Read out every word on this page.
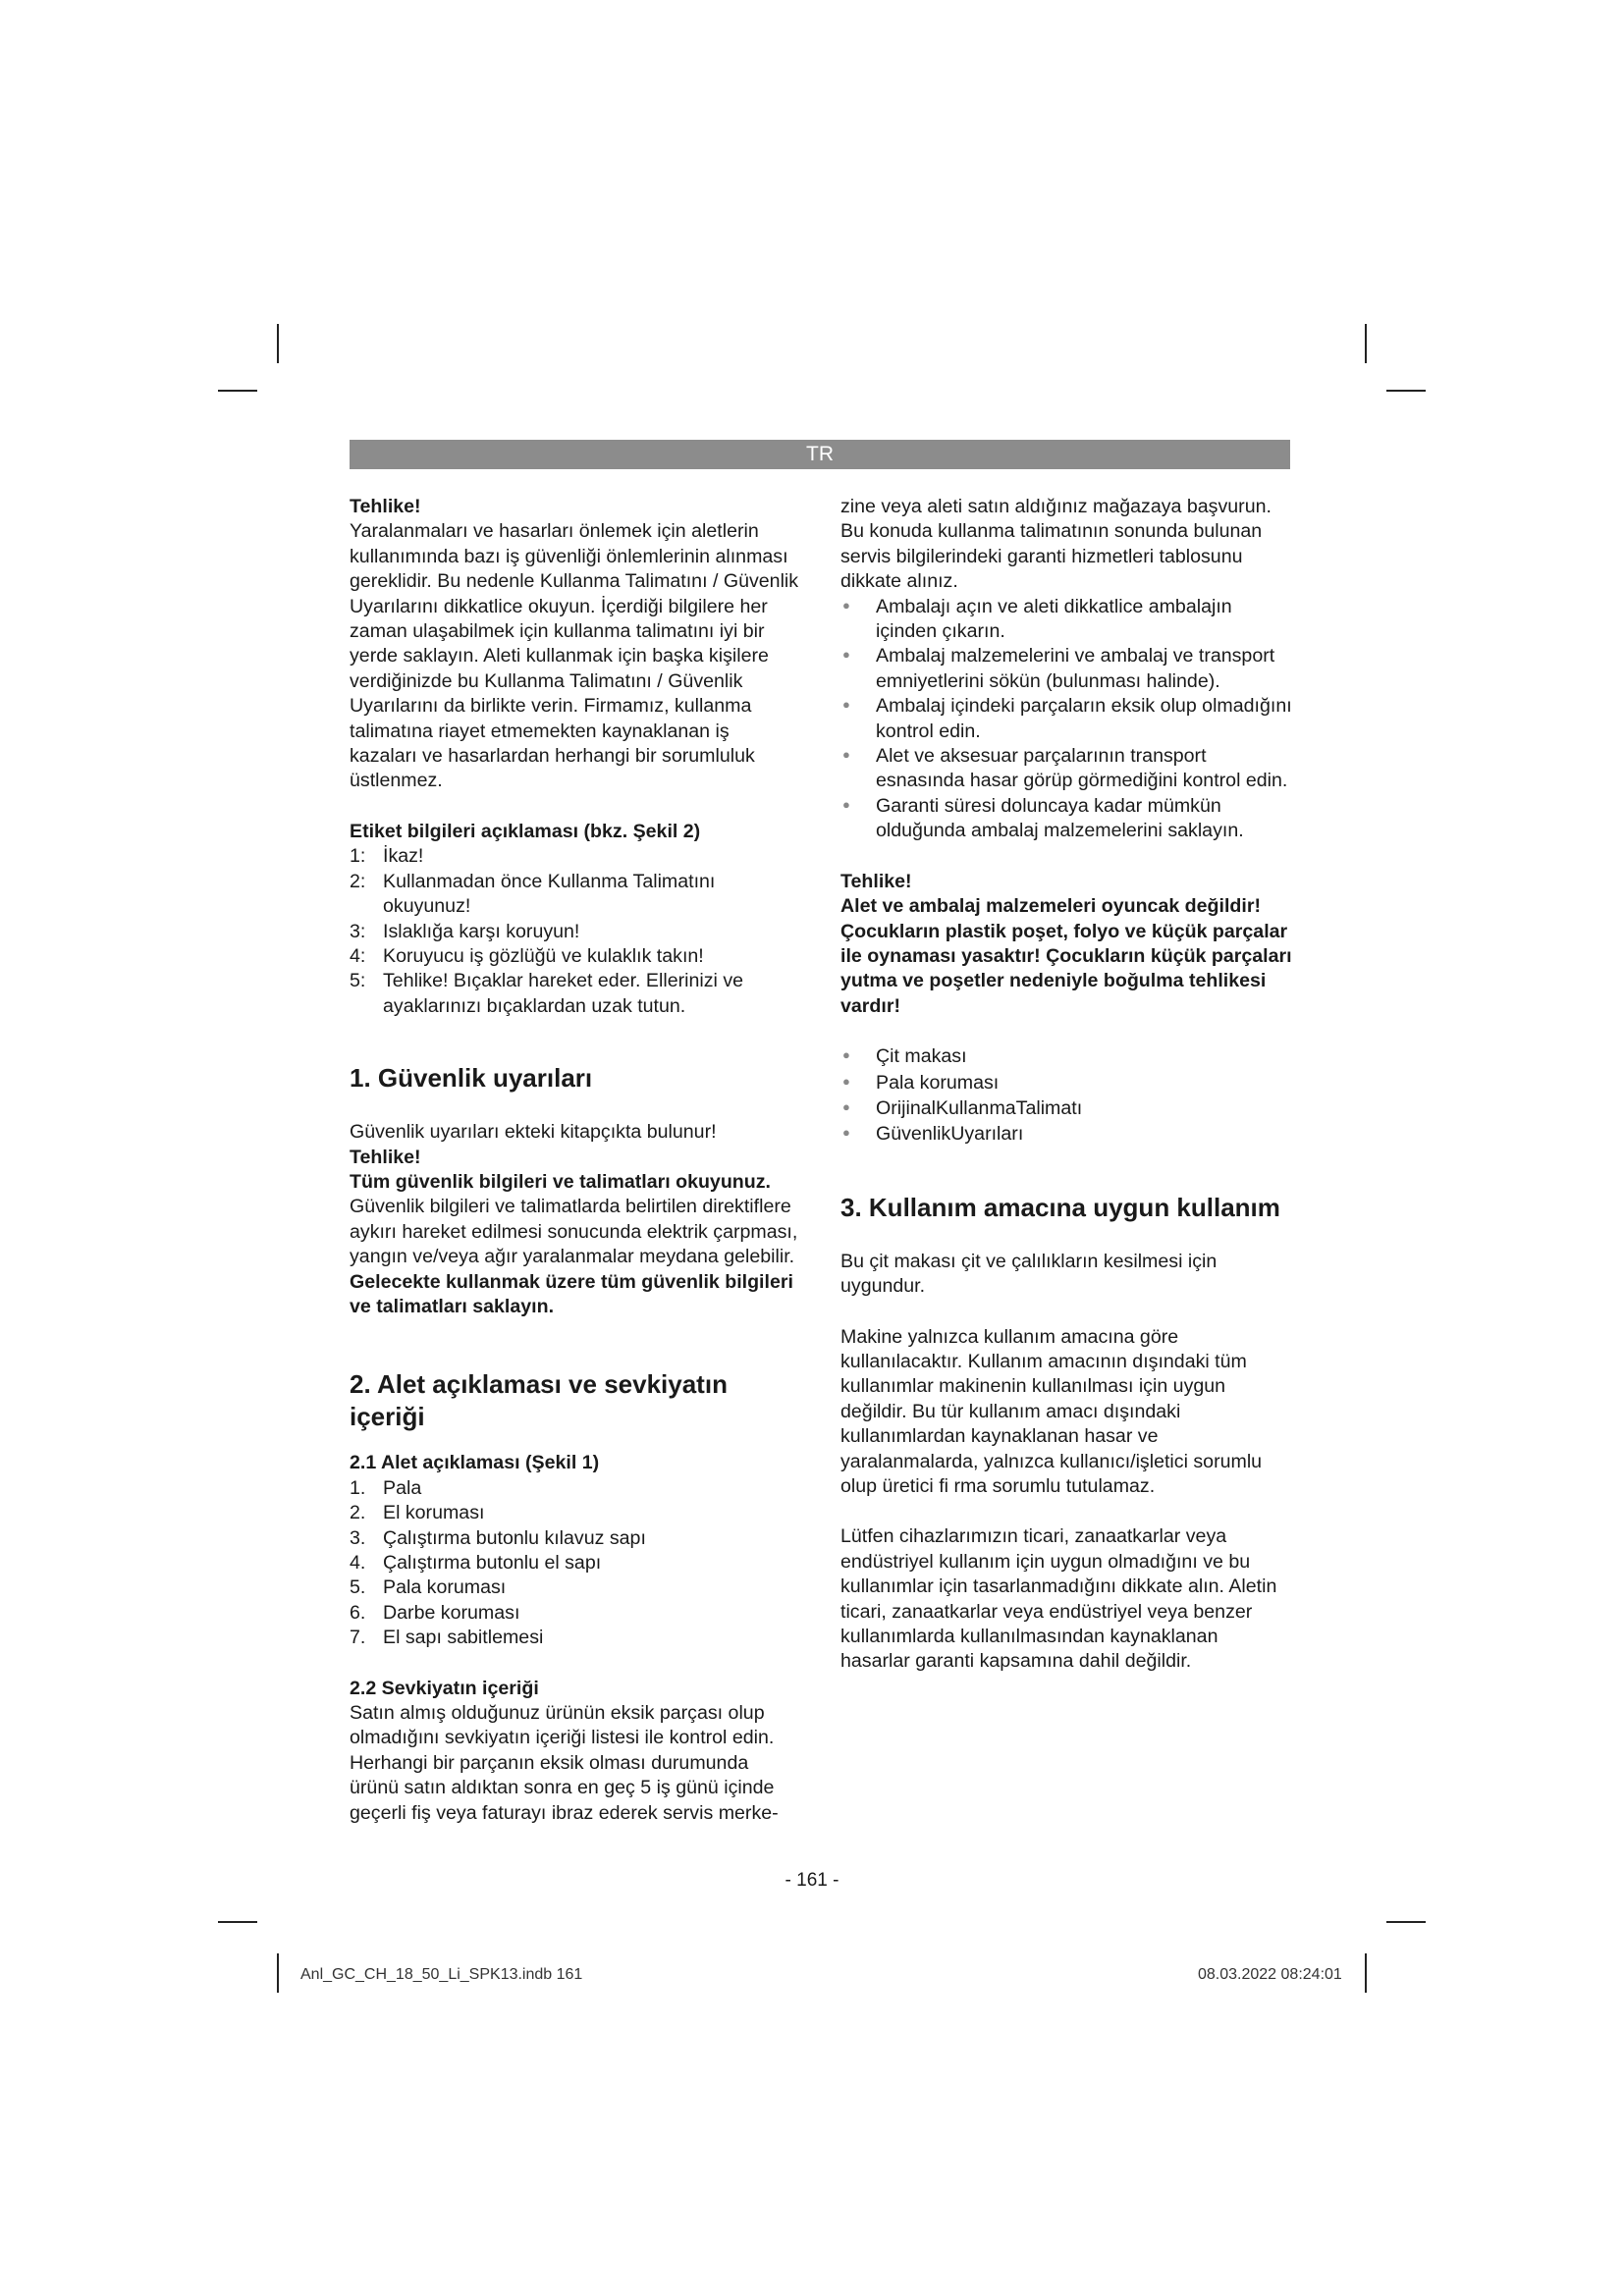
TR

Tehlike!

Yaralanmaları ve hasarları önlemek için aletlerin kullanımında bazı iş güvenliği önlemlerinin alınması gereklidir. Bu nedenle Kullanma Talimatını / Güvenlik Uyarılarını dikkatlice okuyun. İçerdiği bilgilere her zaman ulaşabilmek için kullanma talimatını iyi bir yerde saklayın. Aleti kullanmak için başka kişilere verdiğinizde bu Kullanma Talimatını / Güvenlik Uyarılarını da birlikte verin. Firmamız, kullanma talimatına riayet etmemekten kaynaklanan iş kazaları ve hasarlardan herhangi bir sorumluluk üstlenmez.

Etiket bilgileri açıklaması (bkz. Şekil 2)

1: İkaz!
2: Kullanmadan önce Kullanma Talimatını okuyunuz!
3: Islaklığa karşı koruyun!
4: Koruyucu iş gözlüğü ve kulaklık takın!
5: Tehlike! Bıçaklar hareket eder. Ellerinizi ve ayaklarınızı bıçaklardan uzak tutun.

1. Güvenlik uyarıları

Güvenlik uyarıları ekteki kitapçıkta bulunur!

Tehlike!

Tüm güvenlik bilgileri ve talimatları okuyunuz. Güvenlik bilgileri ve talimatlarda belirtilen direktiflere aykırı hareket edilmesi sonucunda elektrik çarpması, yangın ve/veya ağır yaralanmalar meydana gelebilir. Gelecekte kullanmak üzere tüm güvenlik bilgileri ve talimatları saklayın.

2. Alet açıklaması ve sevkiyatın içeriği

2.1 Alet açıklaması (Şekil 1)

1. Pala
2. El koruması
3. Çalıştırma butonlu kılavuz sapı
4. Çalıştırma butonlu el sapı
5. Pala koruması
6. Darbe koruması
7. El sapı sabitlemesi

2.2 Sevkiyatın içeriği

Satın almış olduğunuz ürünün eksik parçası olup olmadığını sevkiyatın içeriği listesi ile kontrol edin. Herhangi bir parçanın eksik olması durumunda ürünü satın aldıktan sonra en geç 5 iş günü içinde geçerli fiş veya faturayı ibraz ederek servis merke-

zine veya aleti satın aldığınız mağazaya başvurun. Bu konuda kullanma talimatının sonunda bulunan servis bilgilerindeki garanti hizmetleri tablosunu dikkate alınız.

●
Ambalajı açın ve aleti dikkatlice ambalajın içinden çıkarın.
●
Ambalaj malzemelerini ve ambalaj ve transport emniyetlerini sökün (bulunması halinde).
●
Ambalaj içindeki parçaların eksik olup olmadığını kontrol edin.
●
Alet ve aksesuar parçalarının transport esnasında hasar görüp görmediğini kontrol edin.
●
Garanti süresi doluncaya kadar mümkün olduğunda ambalaj malzemelerini saklayın.

Tehlike!

Alet ve ambalaj malzemeleri oyuncak değildir! Çocukların plastik poşet, folyo ve küçük parçalar ile oynaması yasaktır! Çocukların küçük parçaları yutma ve poşetler nedeniyle boğulma tehlikesi vardır!

●
Çit makası
●
Pala koruması
●
OrijinalKullanmaTalimatı
●
GüvenlikUyarıları

3. Kullanım amacına uygun kullanım

Bu çit makası çit ve çalılıkların kesilmesi için uygundur.

Makine yalnızca kullanım amacına göre kullanılacaktır. Kullanım amacının dışındaki tüm kullanımlar makinenin kullanılması için uygun değildir. Bu tür kullanım amacı dışındaki kullanımlardan kaynaklanan hasar ve yaralanmalarda, yalnızca kullanıcı/işletici sorumlu olup üretici fi rma sorumlu tutulamaz.

Lütfen cihazlarımızın ticari, zanaatkarlar veya endüstriyel kullanım için uygun olmadığını ve bu kullanımlar için tasarlanmadığını dikkate alın. Aletin ticari, zanaatkarlar veya endüstriyel veya benzer kullanımlarda kullanılmasından kaynaklanan hasarlar garanti kapsamına dahil değildir.

- 161 -
Anl_GC_CH_18_50_Li_SPK13.indb 161	08.03.2022 08:24:01
